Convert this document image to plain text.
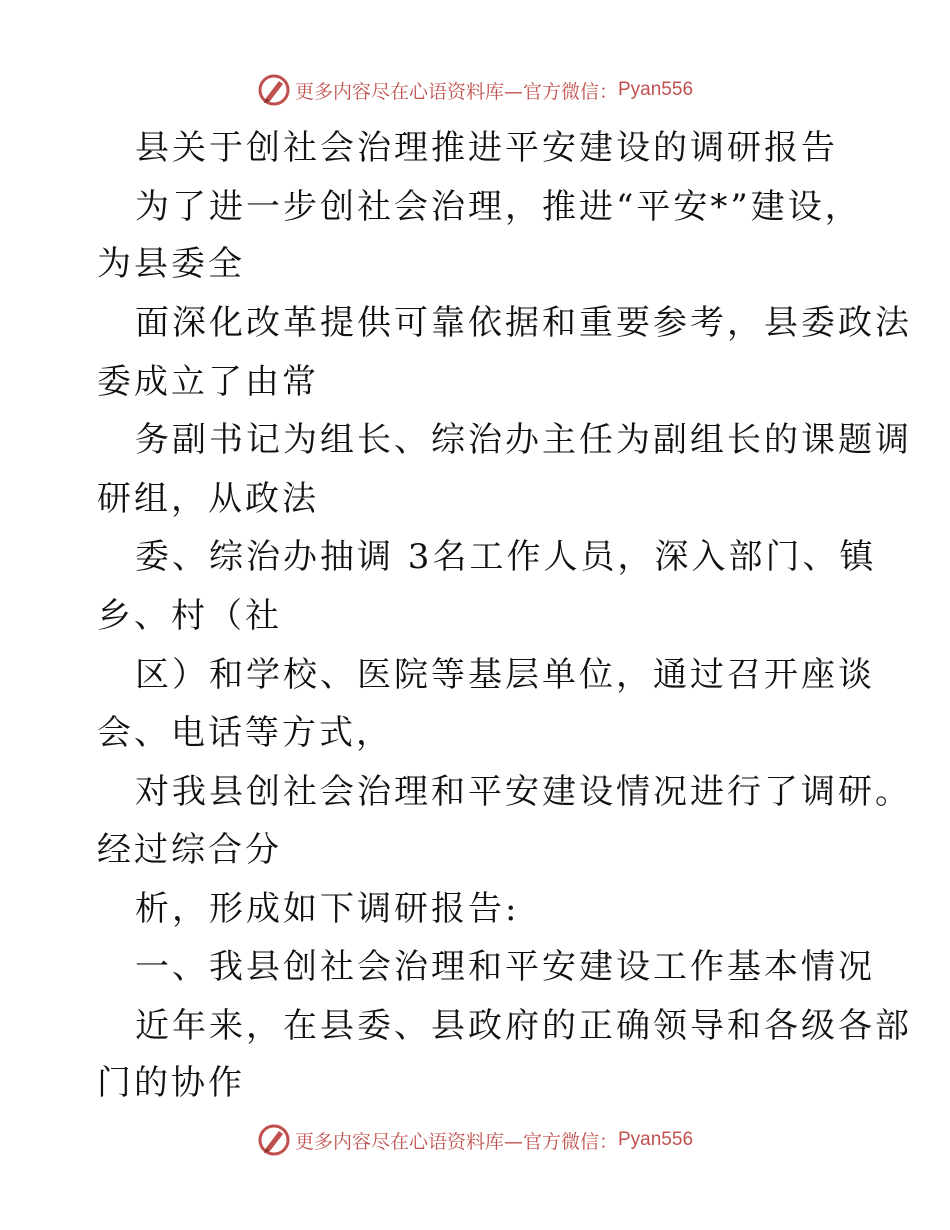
更多内容尽在心语资料库—官方微信： Pyan556
县关于创社会治理推进平安建设的调研报告
为了进一步创社会治理，推进“平安*”建设，
为县委全
面深化改革提供可靠依据和重要参考，县委政法
委成立了由常
务副书记为组长、综治办主任为副组长的课题调
研组，从政法
委、综治办抽调 3名工作人员，深入部门、镇
乡、村（社
区）和学校、医院等基层单位，通过召开座谈
会、电话等方式，
对我县创社会治理和平安建设情况进行了调研。
经过综合分
析，形成如下调研报告:
一、我县创社会治理和平安建设工作基本情况
近年来，在县委、县政府的正确领导和各级各部
门的协作
更多内容尽在心语资料库—官方微信： Pyan556
